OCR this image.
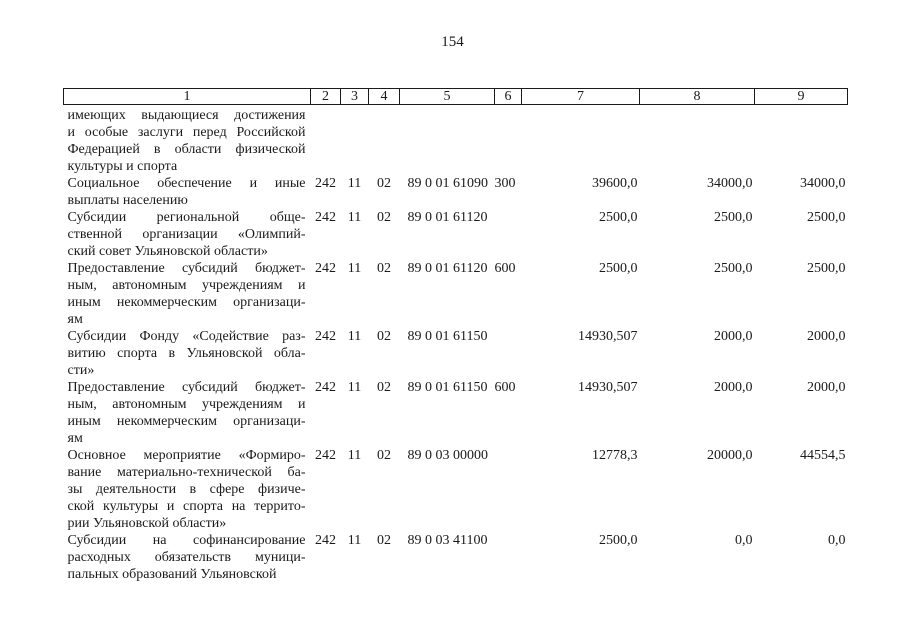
154
1	2	3	4	5	6	7	8	9

имеющих выдающиеся достижения
и особые заслуги перед Российской
Федерацией в области физической
культуры и спорта								

Социальное обеспечение и иные
выплаты населению	242	11	02	89 0 01 61090	300	39600,0	34000,0	34000,0

Субсидии региональной обще-
ственной организации «Олимпий-
ский совет Ульяновской области»	242	11	02	89 0 01 61120		2500,0	2500,0	2500,0

Предоставление субсидий бюджет-
ным, автономным учреждениям и
иным некоммерческим организаци-
ям	242	11	02	89 0 01 61120	600	2500,0	2500,0	2500,0

Субсидии Фонду «Содействие раз-
витию спорта в Ульяновской обла-
сти»	242	11	02	89 0 01 61150		14930,507	2000,0	2000,0

Предоставление субсидий бюджет-
ным, автономным учреждениям и
иным некоммерческим организаци-
ям	242	11	02	89 0 01 61150	600	14930,507	2000,0	2000,0

Основное мероприятие «Формиро-
вание материально-технической ба-
зы деятельности в сфере физиче-
ской культуры и спорта на террито-
рии Ульяновской области»	242	11	02	89 0 03 00000		12778,3	20000,0	44554,5

Субсидии на софинансирование
расходных обязательств муници-
пальных образований Ульяновской	242	11	02	89 0 03 41100		2500,0	0,0	0,0
